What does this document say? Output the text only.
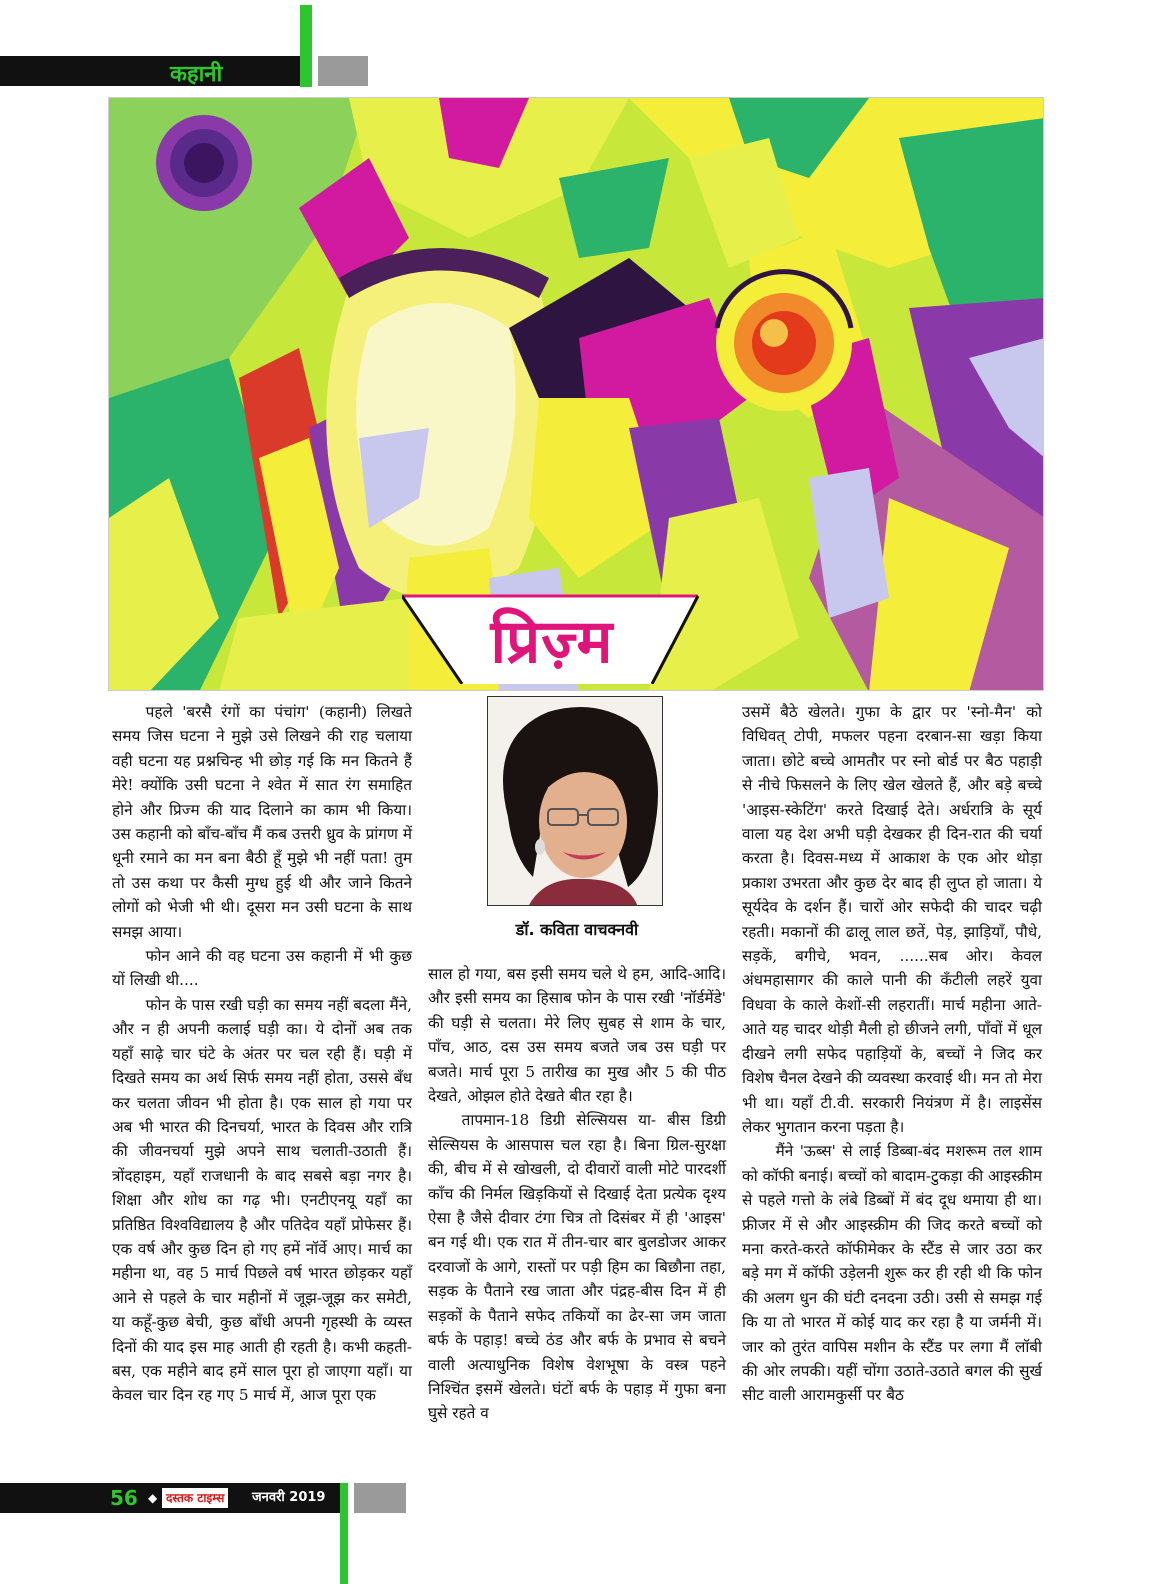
कहानी
प्रिज़्म

पहले 'बरसै रंगों का पंचांग' (कहानी) लिखते समय जिस घटना ने मुझे उसे लिखने की राह चलाया वही घटना यह प्रश्नचिन्ह भी छोड़ गई कि मन कितने हैं मेरे! क्योंकि उसी घटना ने श्वेत में सात रंग समाहित होने और प्रिज्म की याद दिलाने का काम भी किया। उस कहानी को बाँच-बाँच मैं कब उत्तरी ध्रुव के प्रांगण में धूनी रमाने का मन बना बैठी हूँ मुझे भी नहीं पता! तुम तो उस कथा पर कैसी मुग्ध हुई थी और जाने कितने लोगों को भेजी भी थी। दूसरा मन उसी घटना के साथ समझ आया।

फोन आने की वह घटना उस कहानी में भी कुछ यों लिखी थी....

फोन के पास रखी घड़ी का समय नहीं बदला मैंने, और न ही अपनी कलाई घड़ी का। ये दोनों अब तक यहाँ साढ़े चार घंटे के अंतर पर चल रही हैं। घड़ी में दिखते समय का अर्थ सिर्फ समय नहीं होता, उससे बँध कर चलता जीवन भी होता है। एक साल हो गया पर अब भी भारत की दिनचर्या, भारत के दिवस और रात्रि की जीवनचर्या मुझे अपने साथ चलाती-उठाती हैं। त्रोंदहाइम, यहाँ राजधानी के बाद सबसे बड़ा नगर है। शिक्षा और शोध का गढ़ भी। एनटीएनयू यहाँ का प्रतिष्ठित विश्वविद्यालय है और पतिदेव यहाँ प्रोफेसर हैं। एक वर्ष और कुछ दिन हो गए हमें नॉर्वे आए। मार्च का महीना था, वह 5 मार्च पिछले वर्ष भारत छोड़कर यहाँ आने से पहले के चार महीनों में जूझ-जूझ कर समेटी, या कहूँ-कुछ बेची, कुछ बाँधी अपनी गृहस्थी के व्यस्त दिनों की याद इस माह आती ही रहती है। कभी कहती-बस, एक महीने बाद हमें साल पूरा हो जाएगा यहाँ। या केवल चार दिन रह गए 5 मार्च में, आज पूरा एक

डॉ. कविता वाचक्नवी

साल हो गया, बस इसी समय चले थे हम, आदि-आदि। और इसी समय का हिसाब फोन के पास रखी 'नॉर्डमेंडे' की घड़ी से चलता। मेरे लिए सुबह से शाम के चार, पाँच, आठ, दस उस समय बजते जब उस घड़ी पर बजते। मार्च पूरा 5 तारीख का मुख और 5 की पीठ देखते, ओझल होते देखते बीत रहा है।

तापमान-18 डिग्री सेल्सियस या- बीस डिग्री सेल्सियस के आसपास चल रहा है। बिना ग्रिल-सुरक्षा की, बीच में से खोखली, दो दीवारों वाली मोटे पारदर्शी काँच की निर्मल खिड़कियों से दिखाई देता प्रत्येक दृश्य ऐसा है जैसे दीवार टंगा चित्र तो दिसंबर में ही 'आइस' बन गई थी। एक रात में तीन-चार बार बुलडोजर आकर दरवाजों के आगे, रास्तों पर पड़ी हिम का बिछौना तहा, सड़क के पैताने रख जाता और पंद्रह-बीस दिन में ही सड़कों के पैताने सफेद तकियों का ढेर-सा जम जाता बर्फ के पहाड़! बच्चे ठंड और बर्फ के प्रभाव से बचने वाली अत्याधुनिक विशेष वेशभूषा के वस्त्र पहने निश्चिंत इसमें खेलते। घंटों बर्फ के पहाड़ में गुफा बना घुसे रहते व

उसमें बैठे खेलते। गुफा के द्वार पर 'स्नो-मैन' को विधिवत् टोपी, मफलर पहना दरबान-सा खड़ा किया जाता। छोटे बच्चे आमतौर पर स्नो बोर्ड पर बैठ पहाड़ी से नीचे फिसलने के लिए खेल खेलते हैं, और बड़े बच्चे 'आइस-स्केटिंग' करते दिखाई देते। अर्धरात्रि के सूर्य वाला यह देश अभी घड़ी देखकर ही दिन-रात की चर्या करता है। दिवस-मध्य में आकाश के एक ओर थोड़ा प्रकाश उभरता और कुछ देर बाद ही लुप्त हो जाता। ये सूर्यदेव के दर्शन हैं। चारों ओर सफेदी की चादर चढ़ी रहती। मकानों की ढालू लाल छतें, पेड़, झाड़ियाँ, पौधे, सड़कें, बगीचे, भवन, ......सब ओर। केवल अंधमहासागर की काले पानी की कँटीली लहरें युवा विधवा के काले केशों-सी लहरातीं। मार्च महीना आते-आते यह चादर थोड़ी मैली हो छीजने लगी, पाँवों में धूल दीखने लगी सफेद पहाड़ियों के, बच्चों ने जिद कर विशेष चैनल देखने की व्यवस्था करवाई थी। मन तो मेरा भी था। यहाँ टी.वी. सरकारी नियंत्रण में है। लाइसेंस लेकर भुगतान करना पड़ता है।

मैंने 'ऊब्स' से लाई डिब्बा-बंद मशरूम तल शाम को कॉफी बनाई। बच्चों को बादाम-टुकड़ा की आइस्क्रीम से पहले गत्तो के लंबे डिब्बों में बंद दूध थमाया ही था। फ्रीजर में से और आइस्क्रीम की जिद करते बच्चों को मना करते-करते कॉफीमेकर के स्टैंड से जार उठा कर बड़े मग में कॉफी उड़ेलनी शुरू कर ही रही थी कि फोन की अलग धुन की घंटी दनदना उठी। उसी से समझ गई कि या तो भारत में कोई याद कर रहा है या जर्मनी में। जार को तुरंत वापिस मशीन के स्टैंड पर लगा मैं लॉबी की ओर लपकी। यहीं चोंगा उठाते-उठाते बगल की सुर्ख सीट वाली आरामकुर्सी पर बैठ

56 ◆ दस्तक टाइम्स	जनवरी 2019
